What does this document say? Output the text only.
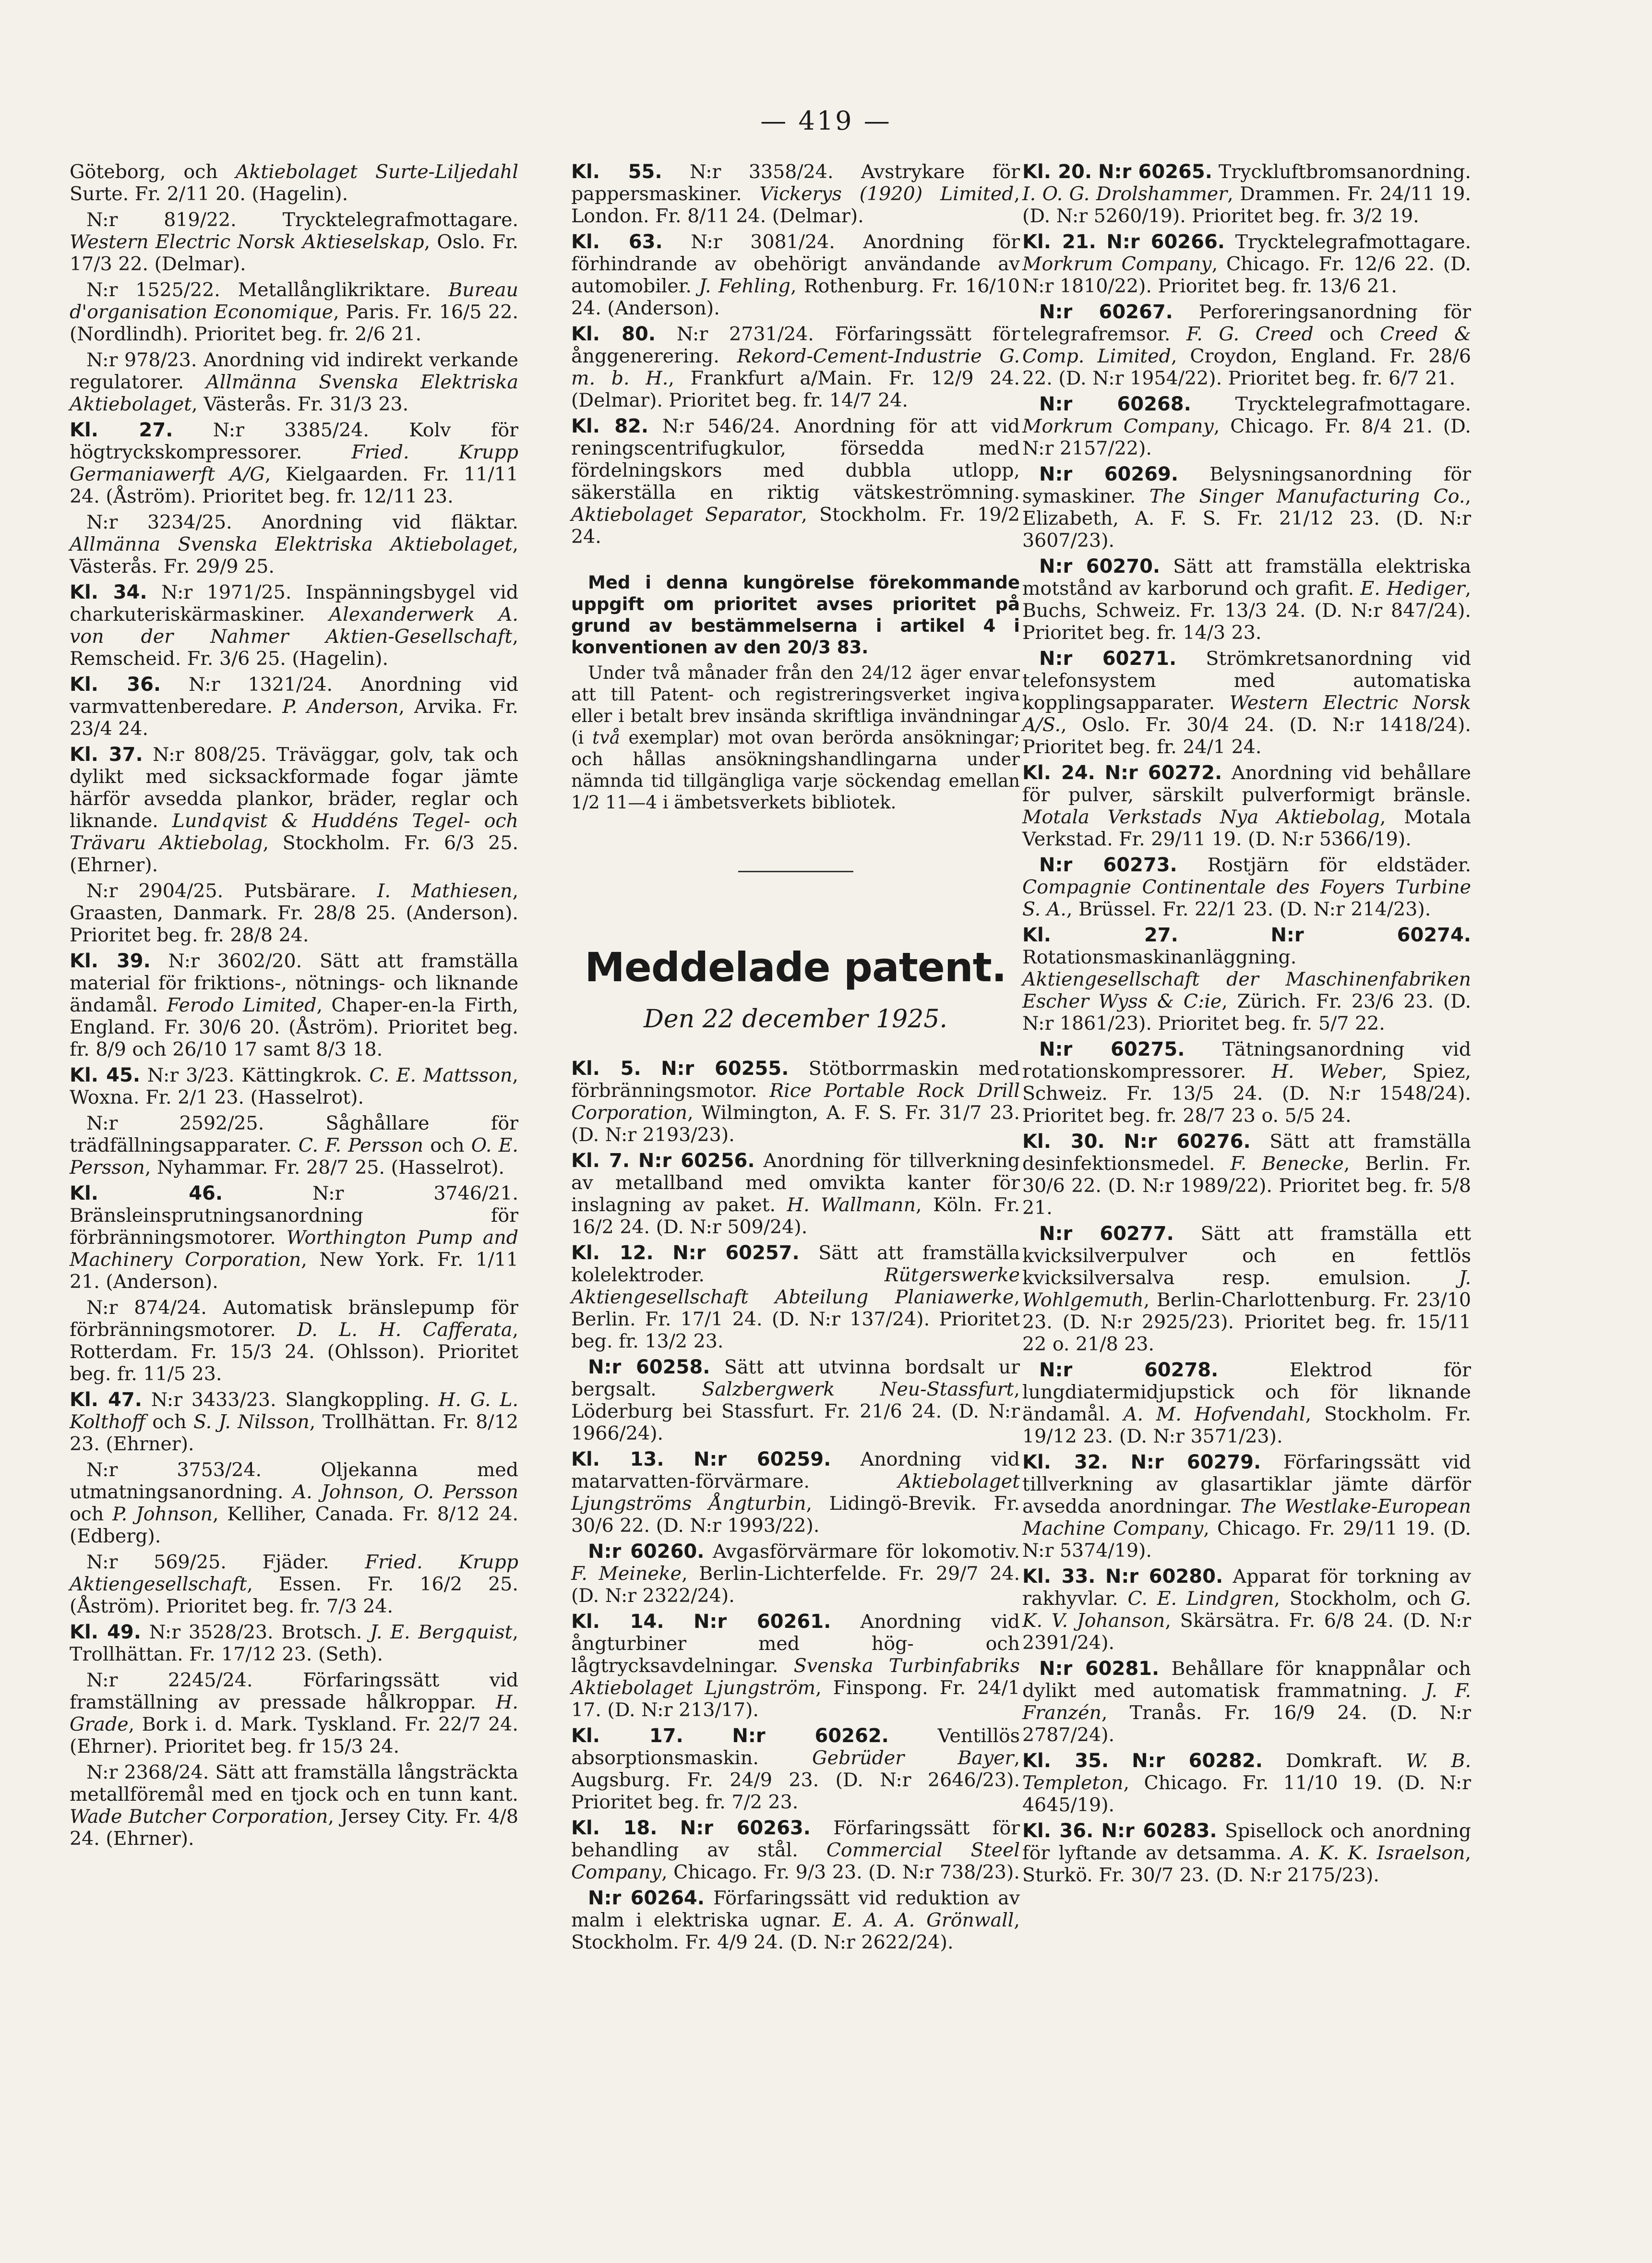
— 419 —

Göteborg, och Aktiebolaget Surte-Liljedahl Surte. Fr. 2/11 20. (Hagelin).

N:r 819/22. Trycktelegrafmottagare. Western Electric Norsk Aktieselskap, Oslo. Fr. 17/3 22. (Delmar).

N:r 1525/22. Metallånglikriktare. Bureau d'organisation Economique, Paris. Fr. 16/5 22. (Nordlindh). Prioritet beg. fr. 2/6 21.

N:r 978/23. Anordning vid indirekt verkande regulatorer. Allmänna Svenska Elektriska Aktiebolaget, Västerås. Fr. 31/3 23.

Kl. 27. N:r 3385/24. Kolv för högtryckskompressorer. Fried. Krupp Germaniawerft A/G, Kielgaarden. Fr. 11/11 24. (Åström). Prioritet beg. fr. 12/11 23.

N:r 3234/25. Anordning vid fläktar. Allmänna Svenska Elektriska Aktiebolaget, Västerås. Fr. 29/9 25.

Kl. 34. N:r 1971/25. Inspänningsbygel vid charkuteriskärmaskiner. Alexanderwerk A. von der Nahmer Aktien-Gesellschaft, Remscheid. Fr. 3/6 25. (Hagelin).

Kl. 36. N:r 1321/24. Anordning vid varmvattenberedare. P. Anderson, Arvika. Fr. 23/4 24.

Kl. 37. N:r 808/25. Träväggar, golv, tak och dylikt med sicksackformade fogar jämte härför avsedda plankor, bräder, reglar och liknande. Lundqvist & Huddéns Tegel- och Trävaru Aktiebolag, Stockholm. Fr. 6/3 25. (Ehrner).

N:r 2904/25. Putsbärare. I. Mathiesen, Graasten, Danmark. Fr. 28/8 25. (Anderson). Prioritet beg. fr. 28/8 24.

Kl. 39. N:r 3602/20. Sätt att framställa material för friktions-, nötnings- och liknande ändamål. Ferodo Limited, Chaper-en-la Firth, England. Fr. 30/6 20. (Åström). Prioritet beg. fr. 8/9 och 26/10 17 samt 8/3 18.

Kl. 45. N:r 3/23. Kättingkrok. C. E. Mattsson, Woxna. Fr. 2/1 23. (Hasselrot).

N:r 2592/25. Såghållare för trädfällningsapparater. C. F. Persson och O. E. Persson, Nyhammar. Fr. 28/7 25. (Hasselrot).

Kl. 46. N:r 3746/21. Bränsleinsprutningsanordning för förbränningsmotorer. Worthington Pump and Machinery Corporation, New York. Fr. 1/11 21. (Anderson).

N:r 874/24. Automatisk bränslepump för förbränningsmotorer. D. L. H. Cafferata, Rotterdam. Fr. 15/3 24. (Ohlsson). Prioritet beg. fr. 11/5 23.

Kl. 47. N:r 3433/23. Slangkoppling. H. G. L. Kolthoff och S. J. Nilsson, Trollhättan. Fr. 8/12 23. (Ehrner).

N:r 3753/24. Oljekanna med utmatningsanordning. A. Johnson, O. Persson och P. Johnson, Kelliher, Canada. Fr. 8/12 24. (Edberg).

N:r 569/25. Fjäder. Fried. Krupp Aktiengesellschaft, Essen. Fr. 16/2 25. (Åström). Prioritet beg. fr. 7/3 24.

Kl. 49. N:r 3528/23. Brotsch. J. E. Bergquist, Trollhättan. Fr. 17/12 23. (Seth).

N:r 2245/24. Förfaringssätt vid framställning av pressade hålkroppar. H. Grade, Bork i. d. Mark. Tyskland. Fr. 22/7 24. (Ehrner). Prioritet beg. fr 15/3 24.

N:r 2368/24. Sätt att framställa långsträckta metallföremål med en tjock och en tunn kant. Wade Butcher Corporation, Jersey City. Fr. 4/8 24. (Ehrner).

Kl. 55. N:r 3358/24. Avstrykare för pappersmaskiner. Vickerys (1920) Limited, London. Fr. 8/11 24. (Delmar).

Kl. 63. N:r 3081/24. Anordning för förhindrande av obehörigt användande av automobiler. J. Fehling, Rothenburg. Fr. 16/10 24. (Anderson).

Kl. 80. N:r 2731/24. Förfaringssätt för ånggenerering. Rekord-Cement-Industrie G. m. b. H., Frankfurt a/Main. Fr. 12/9 24. (Delmar). Prioritet beg. fr. 14/7 24.

Kl. 82. N:r 546/24. Anordning för att vid reningscentrifugkulor, försedda med fördelningskors med dubbla utlopp, säkerställa en riktig vätskeströmning. Aktiebolaget Separator, Stockholm. Fr. 19/2 24.

Med i denna kungörelse förekommande uppgift om prioritet avses prioritet på grund av bestämmelserna i artikel 4 i konventionen av den 20/3 83.

Under två månader från den 24/12 äger envar att till Patent- och registreringsverket ingiva eller i betalt brev insända skriftliga invändningar (i två exemplar) mot ovan berörda ansökningar; och hållas ansökningshandlingarna under nämnda tid tillgängliga varje söckendag emellan 1/2 11—4 i ämbetsverkets bibliotek.

Meddelade patent.
Den 22 december 1925.

Kl. 5. N:r 60255. Stötborrmaskin med förbränningsmotor. Rice Portable Rock Drill Corporation, Wilmington, A. F. S. Fr. 31/7 23. (D. N:r 2193/23).

Kl. 7. N:r 60256. Anordning för tillverkning av metallband med omvikta kanter för inslagning av paket. H. Wallmann, Köln. Fr. 16/2 24. (D. N:r 509/24).

Kl. 12. N:r 60257. Sätt att framställa kolelektroder. Rütgerswerke Aktiengesellschaft Abteilung Planiawerke, Berlin. Fr. 17/1 24. (D. N:r 137/24). Prioritet beg. fr. 13/2 23.

N:r 60258. Sätt att utvinna bordsalt ur bergsalt. Salzbergwerk Neu-Stassfurt, Löderburg bei Stassfurt. Fr. 21/6 24. (D. N:r 1966/24).

Kl. 13. N:r 60259. Anordning vid matarvatten-förvärmare. Aktiebolaget Ljungströms Ångturbin, Lidingö-Brevik. Fr. 30/6 22. (D. N:r 1993/22).

N:r 60260. Avgasförvärmare för lokomotiv. F. Meineke, Berlin-Lichterfelde. Fr. 29/7 24. (D. N:r 2322/24).

Kl. 14. N:r 60261. Anordning vid ångturbiner med hög- och lågtrycksavdelningar. Svenska Turbinfabriks Aktiebolaget Ljungström, Finspong. Fr. 24/1 17. (D. N:r 213/17).

Kl. 17.	N:r 60262. Ventillös absorptionsmaskin. Gebrüder Bayer, Augsburg. Fr. 24/9 23. (D. N:r 2646/23). Prioritet beg. fr. 7/2 23.

Kl. 18. N:r 60263. Förfaringssätt för behandling av stål. Commercial Steel Company, Chicago. Fr. 9/3 23. (D. N:r 738/23).

N:r 60264. Förfaringssätt vid reduktion av malm i elektriska ugnar. E. A. A. Grönwall, Stockholm. Fr. 4/9 24. (D. N:r 2622/24).

Kl. 20. N:r 60265. Tryckluftbromsanordning. I. O. G. Drolshammer, Drammen. Fr. 24/11 19. (D. N:r 5260/19). Prioritet beg. fr. 3/2 19.

Kl. 21. N:r 60266. Trycktelegrafmottagare. Morkrum Company, Chicago. Fr. 12/6 22. (D. N:r 1810/22). Prioritet beg. fr. 13/6 21.

N:r 60267. Perforeringsanordning för telegrafremsor. F. G. Creed och Creed & Comp. Limited, Croydon, England. Fr. 28/6 22. (D. N:r 1954/22). Prioritet beg. fr. 6/7 21.

N:r 60268. Trycktelegrafmottagare. Morkrum Company, Chicago. Fr. 8/4 21. (D. N:r 2157/22).

N:r 60269. Belysningsanordning för symaskiner. The Singer Manufacturing Co., Elizabeth, A. F. S. Fr. 21/12 23. (D. N:r 3607/23).

N:r 60270. Sätt att framställa elektriska motstånd av karborund och grafit. E. Hediger, Buchs, Schweiz. Fr. 13/3 24. (D. N:r 847/24). Prioritet beg. fr. 14/3 23.

N:r 60271. Strömkretsanordning vid telefonsystem med automatiska kopplingsapparater. Western Electric Norsk A/S., Oslo. Fr. 30/4 24. (D. N:r 1418/24). Prioritet beg. fr. 24/1 24.

Kl. 24. N:r 60272. Anordning vid behållare för pulver, särskilt pulverformigt bränsle. Motala Verkstads Nya Aktiebolag, Motala Verkstad. Fr. 29/11 19. (D. N:r 5366/19).

N:r 60273. Rostjärn för eldstäder. Compagnie Continentale des Foyers Turbine S. A., Brüssel. Fr. 22/1 23. (D. N:r 214/23).

Kl. 27.	N:r 60274. Rotationsmaskinanläggning. Aktiengesellschaft der Maschinenfabriken Escher Wyss & C:ie, Zürich. Fr. 23/6 23. (D. N:r 1861/23). Prioritet beg. fr. 5/7 22.

N:r 60275. Tätningsanordning vid rotationskompressorer. H. Weber, Spiez, Schweiz. Fr. 13/5 24. (D. N:r 1548/24). Prioritet beg. fr. 28/7 23 o. 5/5 24.

Kl. 30. N:r 60276. Sätt att framställa desinfektionsmedel. F. Benecke, Berlin. Fr. 30/6 22. (D. N:r 1989/22). Prioritet beg. fr. 5/8 21.

N:r 60277. Sätt att framställa ett kvicksilverpulver och en fettlös kvicksilversalva resp. emulsion. J. Wohlgemuth, Berlin-Charlottenburg. Fr. 23/10 23. (D. N:r 2925/23). Prioritet beg. fr. 15/11 22 o. 21/8 23.

N:r 60278. Elektrod för lungdiatermidjupstick och för liknande ändamål. A. M. Hofvendahl, Stockholm. Fr. 19/12 23. (D. N:r 3571/23).

Kl. 32. N:r 60279. Förfaringssätt vid tillverkning av glasartiklar jämte därför avsedda anordningar. The Westlake-European Machine Company, Chicago. Fr. 29/11 19. (D. N:r 5374/19).

Kl. 33. N:r 60280. Apparat för torkning av rakhyvlar. C. E. Lindgren, Stockholm, och G. K. V. Johanson, Skärsätra. Fr. 6/8 24. (D. N:r 2391/24).

N:r 60281. Behållare för knappnålar och dylikt med automatisk frammatning. J. F. Franzén, Tranås. Fr. 16/9 24. (D. N:r 2787/24).

Kl. 35. N:r 60282. Domkraft. W. B. Templeton, Chicago. Fr. 11/10 19. (D. N:r 4645/19).

Kl. 36. N:r 60283. Spisellock och anordning för lyftande av detsamma. A. K. K. Israelson, Sturkö. Fr. 30/7 23. (D. N:r 2175/23).
